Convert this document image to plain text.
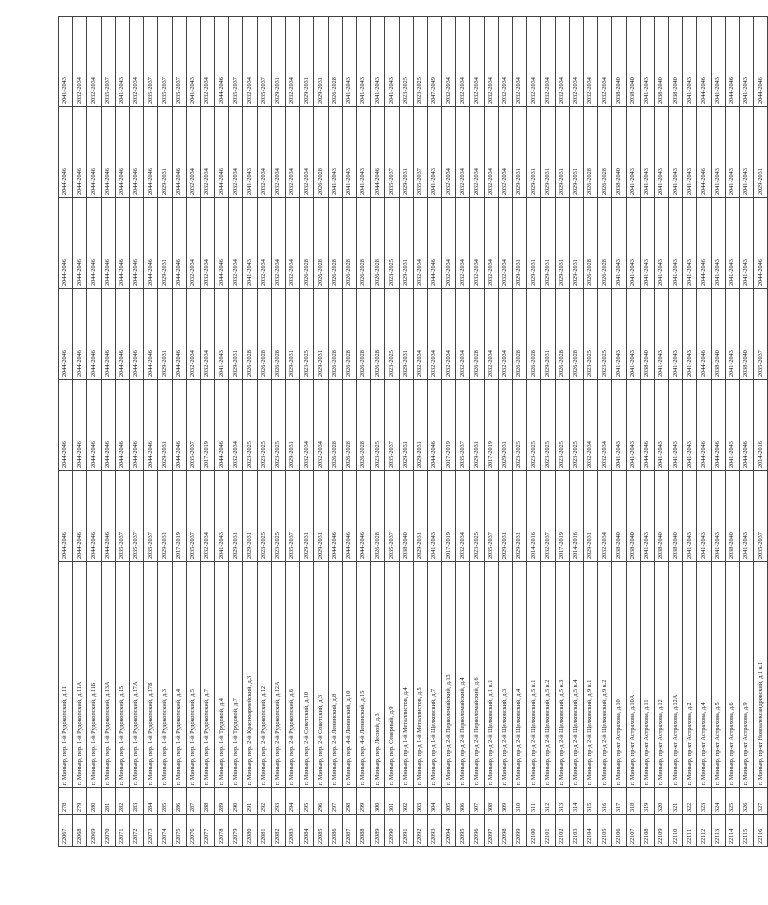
22067	278	г. Миньяр, пер. 1-й Рудокопский, д.11	2044-2046	2044-2046	2044-2046	2044-2046	2044-2046	2041-2043
22068	279	г. Миньяр, пер. 1-й Рудокопский, д.11А	2044-2046	2044-2046	2044-2046	2044-2046	2044-2046	2032-2034
22069	280	г. Миньяр, пер. 1-й Рудокопский, д.11Б	2044-2046	2044-2046	2044-2046	2044-2046	2044-2046	2032-2034
22070	281	г. Миньяр, пер. 1-й Рудокопский, д.13А	2044-2046	2044-2046	2044-2046	2044-2046	2044-2046	2035-2037
22071	282	г. Миньяр, пер. 1-й Рудокопский, д.15	2035-2037	2044-2046	2044-2046	2044-2046	2044-2046	2041-2043
22072	283	г. Миньяр, пер. 1-й Рудокопский, д.17А	2035-2037	2044-2046	2044-2046	2044-2046	2044-2046	2032-2034
22073	284	г. Миньяр, пер. 1-й Рудокопский, д.17Б	2035-2037	2044-2046	2044-2046	2044-2046	2044-2046	2035-2037
22074	285	г. Миньяр, пер. 1-й Рудокопский, д.3	2029-2031	2029-2031	2029-2031	2029-2031	2029-2031	2035-2037
22075	286	г. Миньяр, пер. 1-й Рудокопский, д.4	2017-2019	2044-2046	2044-2046	2044-2046	2044-2046	2035-2037
22076	287	г. Миньяр, пер. 1-й Рудокопский, д.5	2035-2037	2035-2037	2032-2034	2032-2034	2032-2034	2041-2043
22077	288	г. Миньяр, пер. 1-й Рудокопский, д.7	2032-2034	2017-2019	2032-2034	2032-2034	2032-2034	2032-2034
22078	289	г. Миньяр, пер. 1-й Трудовой, д.4	2041-2043	2044-2046	2041-2043	2044-2046	2044-2046	2044-2046
22079	290	г. Миньяр, пер. 1-й Трудовой, д.7	2029-2031	2032-2034	2029-2031	2032-2034	2032-2034	2035-2037
22080	291	г. Миньяр, пер. 2-й Красноармейский, д.3	2029-2031	2023-2025	2026-2028	2041-2043	2041-2043	2032-2034
22081	292	г. Миньяр, пер. 2-й Рудокопский, д.12	2023-2025	2023-2025	2026-2028	2032-2034	2032-2034	2035-2037
22082	293	г. Миньяр, пер. 2-й Рудокопский, д.12А	2023-2025	2023-2025	2026-2028	2032-2034	2032-2034	2029-2031
22083	294	г. Миньяр, пер. 2-й Рудокопский, д.6	2035-2037	2029-2031	2029-2031	2032-2034	2032-2034	2032-2034
22084	295	г. Миньяр, пер. 2-й Советский, д.10	2029-2031	2032-2034	2023-2025	2026-2028	2032-2034	2029-2031
22085	296	г. Миньяр, пер. 2-й Советский, д.3	2029-2031	2032-2034	2029-2031	2026-2028	2026-2028	2029-2031
22086	297	г. Миньяр, пер. 2-й Ленинский, д.8	2044-2046	2026-2028	2026-2028	2026-2028	2041-2043	2026-2028
22087	298	г. Миньяр, пер. 4-й Ленинский, д.10	2044-2046	2026-2028	2026-2028	2026-2028	2041-2043	2041-2043
22088	299	г. Миньяр, пер. 4-й Ленинский, д.15	2044-2046	2026-2028	2026-2028	2026-2028	2041-2043	2041-2043
22089	300	г. Миньяр, пер. Лесной, д.3	2026-2028	2023-2025	2026-2028	2026-2028	2044-2046	2041-2043
22090	301	г. Миньяр, пер. Северный, д.9	2035-2037	2035-2037	2023-2025	2023-2025	2035-2037	2041-2043
22091	302	г. Миньяр, пр-д 1-й Металлистов, д.4	2038-2040	2029-2031	2029-2031	2029-2031	2029-2031	2023-2025
22092	303	г. Миньяр, пр-д 1-й Металлистов, д.5	2029-2031	2029-2031	2032-2034	2032-2034	2035-2037	2023-2025
22093	304	г. Миньяр, пр-д 1-й Щелковский, д.7	2041-2043	2044-2046	2032-2034	2044-2046	2041-2043	2047-2049
22094	305	г. Миньяр, пр-д 2-й Перволомайский, д.13	2017-2019	2017-2019	2032-2034	2032-2034	2032-2034	2032-2034
22095	306	г. Миньяр, пр-д 2-й Перволомайский, д.4	2032-2034	2035-2037	2032-2034	2032-2034	2032-2034	2032-2034
22096	307	г. Миньяр, пр-д 2-й Перволомайский, д.6	2023-2025	2029-2031	2026-2028	2032-2034	2032-2034	2032-2034
22097	308	г. Миньяр, пр-д 2-й Щелковский, д.1 к.1	2035-2037	2017-2019	2032-2034	2032-2034	2032-2034	2032-2034
22098	309	г. Миньяр, пр-д 2-й Щелковский, д.3	2029-2031	2029-2031	2032-2034	2032-2034	2032-2034	2032-2034
22099	310	г. Миньяр, пр-д 2-й Щелковский, д.4	2029-2031	2023-2025	2026-2028	2029-2031	2029-2031	2032-2034
22100	311	г. Миньяр, пр-д 2-й Щелковский, д.5 к.1	2014-2016	2023-2025	2026-2028	2029-2031	2029-2031	2032-2034
22101	312	г. Миньяр, пр-д 2-й Щелковский, д.5 к.2	2032-2037	2023-2025	2029-2031	2029-2031	2029-2031	2032-2034
22102	313	г. Миньяр, пр-д 2-й Щелковский, д.5 к.3	2017-2019	2023-2025	2026-2028	2029-2031	2029-2031	2032-2034
22103	314	г. Миньяр, пр-д 2-й Щелковский, д.5 к.4	2014-2016	2023-2025	2026-2028	2029-2031	2029-2031	2032-2034
22104	315	г. Миньяр, пр-д 2-й Щелковский, д.9 к.1	2029-2031	2032-2034	2023-2025	2026-2028	2026-2028	2032-2034
22105	316	г. Миньяр, пр-д 2-й Щелковский, д.9 к.2	2032-2034	2032-2034	2023-2025	2026-2028	2026-2028	2032-2034
22106	317	г. Миньяр, пр-кт Астрахова, д.10	2038-2040	2041-2043	2041-2043	2041-2043	2038-2040	2038-2040
22107	318	г. Миньяр, пр-кт Астрахова, д.10А	2038-2040	2041-2043	2041-2043	2041-2043	2041-2043	2038-2040
22108	319	г. Миньяр, пр-кт Астрахова, д.11	2041-2043	2044-2046	2038-2040	2041-2043	2041-2043	2041-2043
22109	320	г. Миньяр, пр-кт Астрахова, д.12	2038-2040	2041-2043	2041-2043	2041-2043	2041-2043	2038-2040
22110	321	г. Миньяр, пр-кт Астрахова, д.12А	2038-2040	2041-2043	2041-2043	2041-2043	2041-2043	2038-2040
22111	322	г. Миньяр, пр-кт Астрахова, д.2	2041-2043	2041-2043	2041-2043	2041-2043	2041-2043	2041-2043
22112	323	г. Миньяр, пр-кт Астрахова, д.4	2041-2043	2044-2046	2044-2046	2044-2046	2044-2046	2044-2046
22113	324	г. Миньяр, пр-кт Астрахова, д.5	2041-2043	2044-2046	2038-2040	2041-2043	2041-2043	2041-2043
22114	325	г. Миньяр, пр-кт Астрахова, д.6	2038-2040	2041-2043	2041-2043	2041-2043	2041-2043	2044-2046
22115	326	г. Миньяр, пр-кт Астрахова, д.9	2041-2043	2044-2046	2038-2040	2041-2043	2041-2043	2041-2043
22116	327	г. Миньяр, пр-кт Новоалександровский, д.1 к.1	2035-2037	2014-2016	2035-2037	2044-2046	2029-2031	2044-2046
